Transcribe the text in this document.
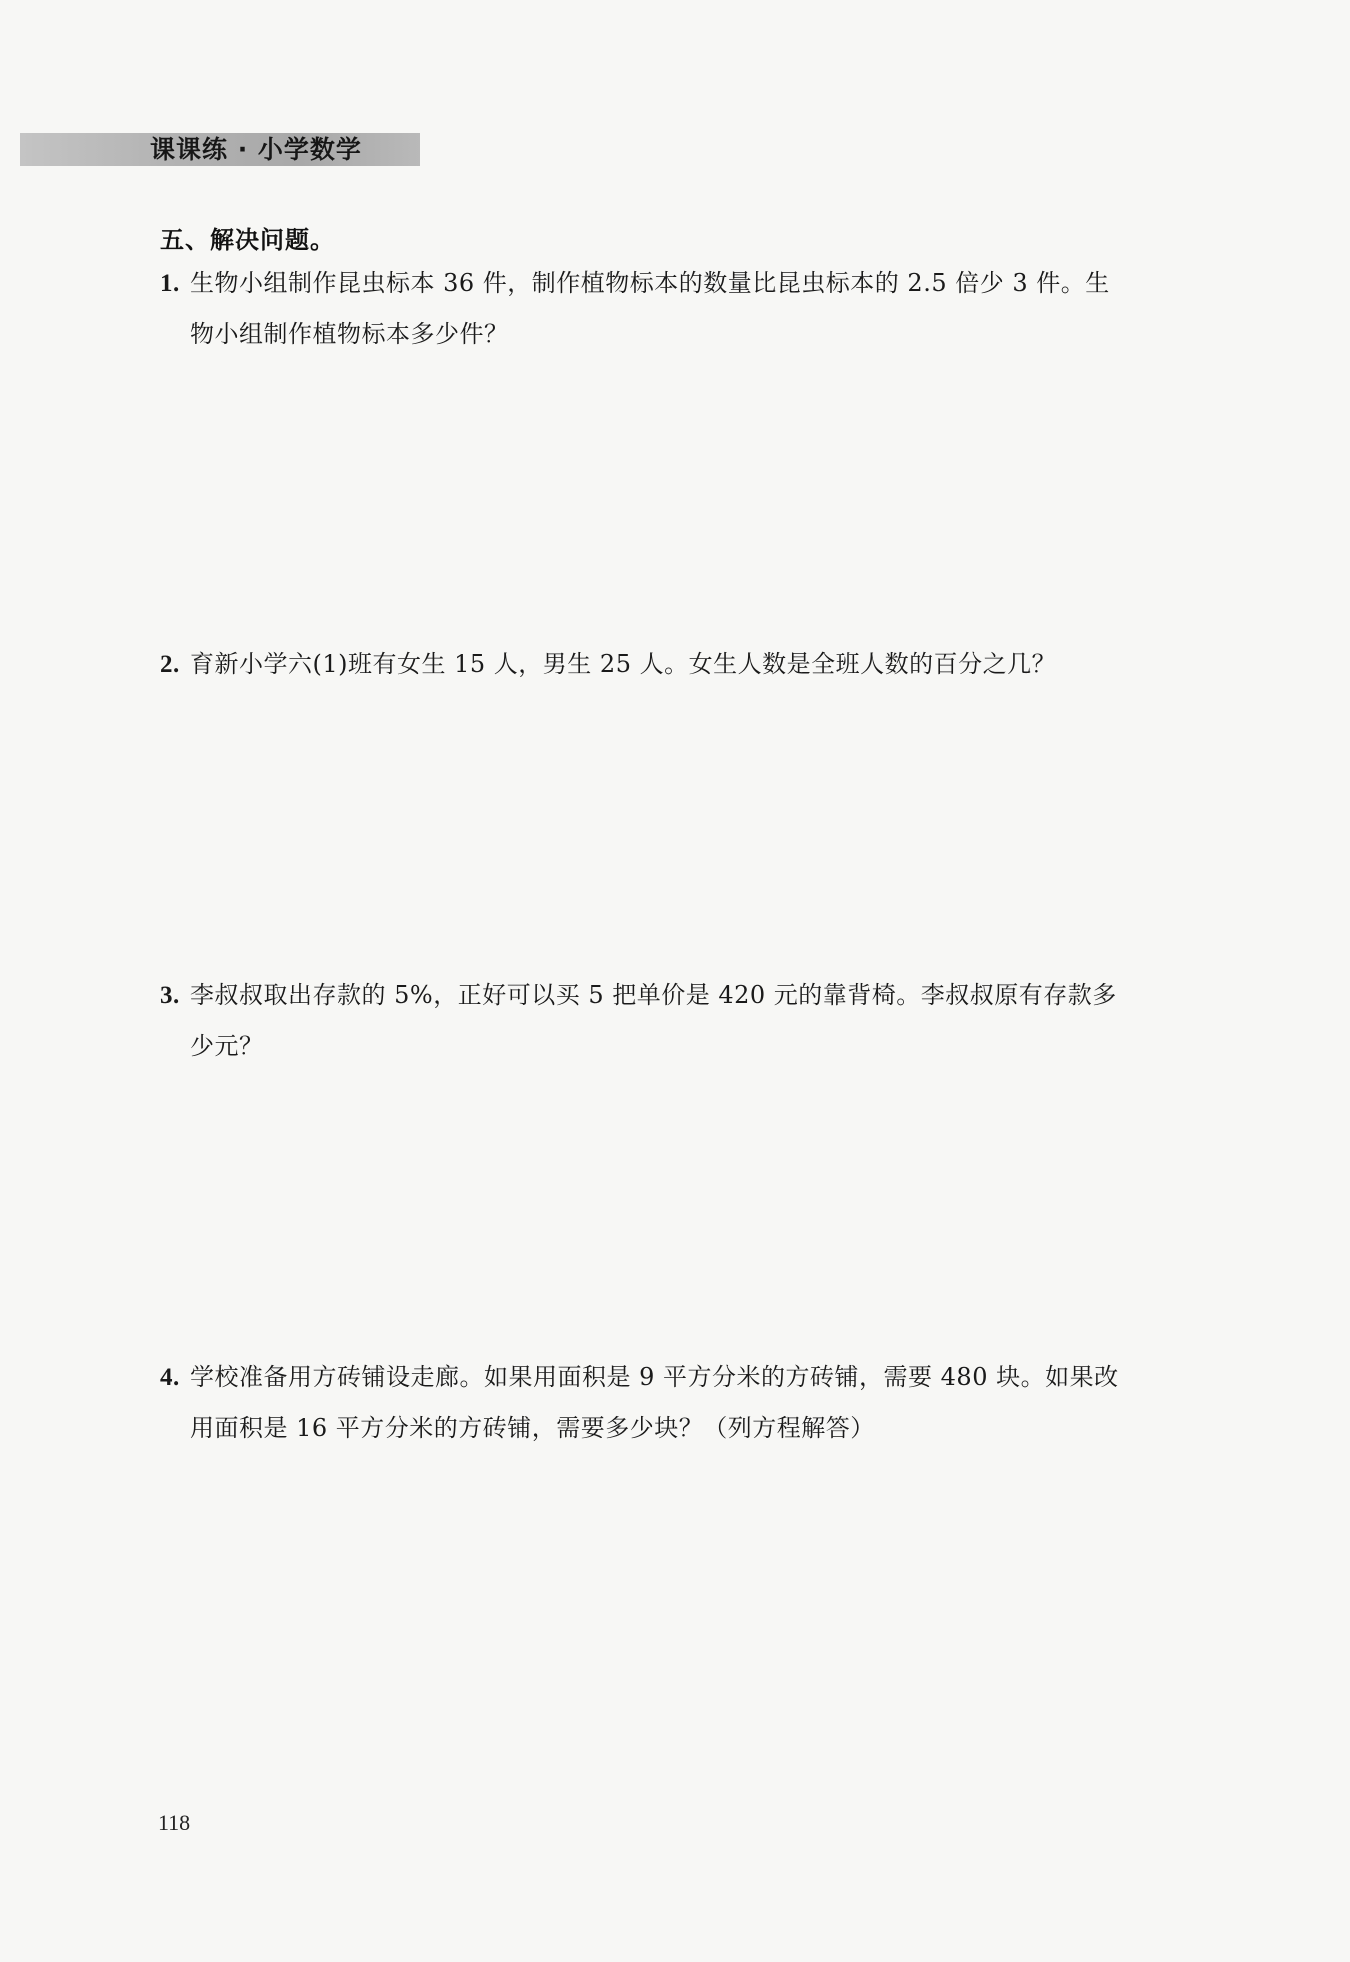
课课练 · 小学数学
五、解决问题。
1. 生物小组制作昆虫标本 36 件，制作植物标本的数量比昆虫标本的 2.5 倍少 3 件。生
物小组制作植物标本多少件？
2. 育新小学六(1)班有女生 15 人，男生 25 人。女生人数是全班人数的百分之几？
3. 李叔叔取出存款的 5%，正好可以买 5 把单价是 420 元的靠背椅。李叔叔原有存款多
少元？
4. 学校准备用方砖铺设走廊。如果用面积是 9 平方分米的方砖铺，需要 480 块。如果改
用面积是 16 平方分米的方砖铺，需要多少块？（列方程解答）
118
